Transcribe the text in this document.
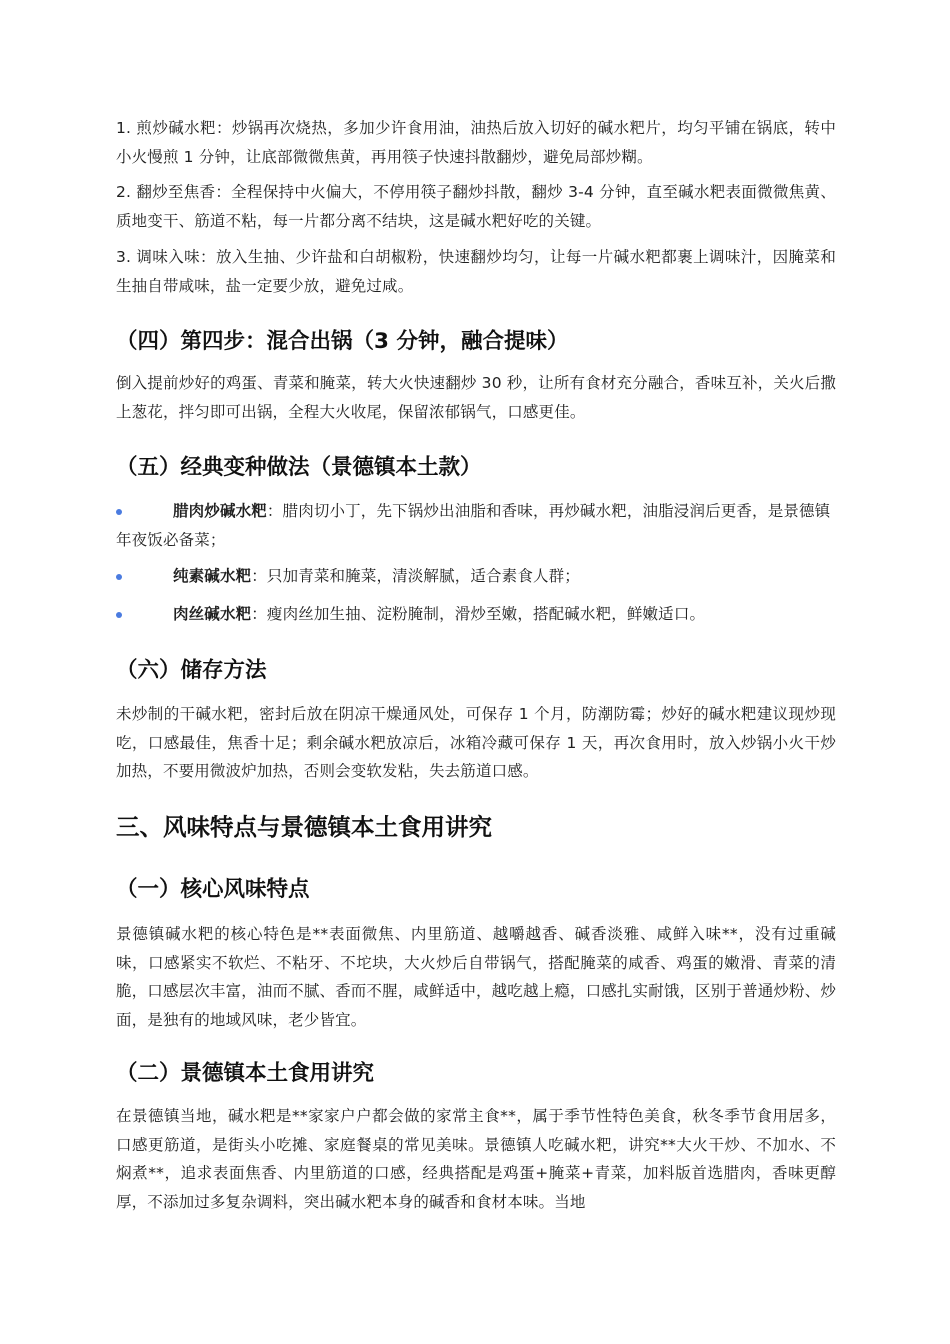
1. 煎炒碱水粑：炒锅再次烧热，多加少许食用油，油热后放入切好的碱水粑片，均匀平铺在锅底，转中小火慢煎 1 分钟，让底部微微焦黄，再用筷子快速抖散翻炒，避免局部炒糊。

2. 翻炒至焦香：全程保持中火偏大，不停用筷子翻炒抖散，翻炒 3-4 分钟，直至碱水粑表面微微焦黄、质地变干、筋道不粘，每一片都分离不结块，这是碱水粑好吃的关键。

3. 调味入味：放入生抽、少许盐和白胡椒粉，快速翻炒均匀，让每一片碱水粑都裹上调味汁，因腌菜和生抽自带咸味，盐一定要少放，避免过咸。

（四）第四步：混合出锅（3 分钟，融合提味）

倒入提前炒好的鸡蛋、青菜和腌菜，转大火快速翻炒 30 秒，让所有食材充分融合，香味互补，关火后撒上葱花，拌匀即可出锅，全程大火收尾，保留浓郁锅气，口感更佳。

（五）经典变种做法（景德镇本土款）

腊肉炒碱水粑：腊肉切小丁，先下锅炒出油脂和香味，再炒碱水粑，油脂浸润后更香，是景德镇年夜饭必备菜；

纯素碱水粑：只加青菜和腌菜，清淡解腻，适合素食人群；

肉丝碱水粑：瘦肉丝加生抽、淀粉腌制，滑炒至嫩，搭配碱水粑，鲜嫩适口。

（六）储存方法

未炒制的干碱水粑，密封后放在阴凉干燥通风处，可保存 1 个月，防潮防霉；炒好的碱水粑建议现炒现吃，口感最佳，焦香十足；剩余碱水粑放凉后，冰箱冷藏可保存 1 天，再次食用时，放入炒锅小火干炒加热，不要用微波炉加热，否则会变软发粘，失去筋道口感。

三、风味特点与景德镇本土食用讲究
（一）核心风味特点

景德镇碱水粑的核心特色是**表面微焦、内里筋道、越嚼越香、碱香淡雅、咸鲜入味**，没有过重碱味，口感紧实不软烂、不粘牙、不坨块，大火炒后自带锅气，搭配腌菜的咸香、鸡蛋的嫩滑、青菜的清脆，口感层次丰富，油而不腻、香而不腥，咸鲜适中，越吃越上瘾，口感扎实耐饿，区别于普通炒粉、炒面，是独有的地域风味，老少皆宜。

（二）景德镇本土食用讲究

在景德镇当地，碱水粑是**家家户户都会做的家常主食**，属于季节性特色美食，秋冬季节食用居多，口感更筋道，是街头小吃摊、家庭餐桌的常见美味。景德镇人吃碱水粑，讲究**大火干炒、不加水、不焖煮**，追求表面焦香、内里筋道的口感，经典搭配是鸡蛋+腌菜+青菜，加料版首选腊肉，香味更醇厚，不添加过多复杂调料，突出碱水粑本身的碱香和食材本味。当地
